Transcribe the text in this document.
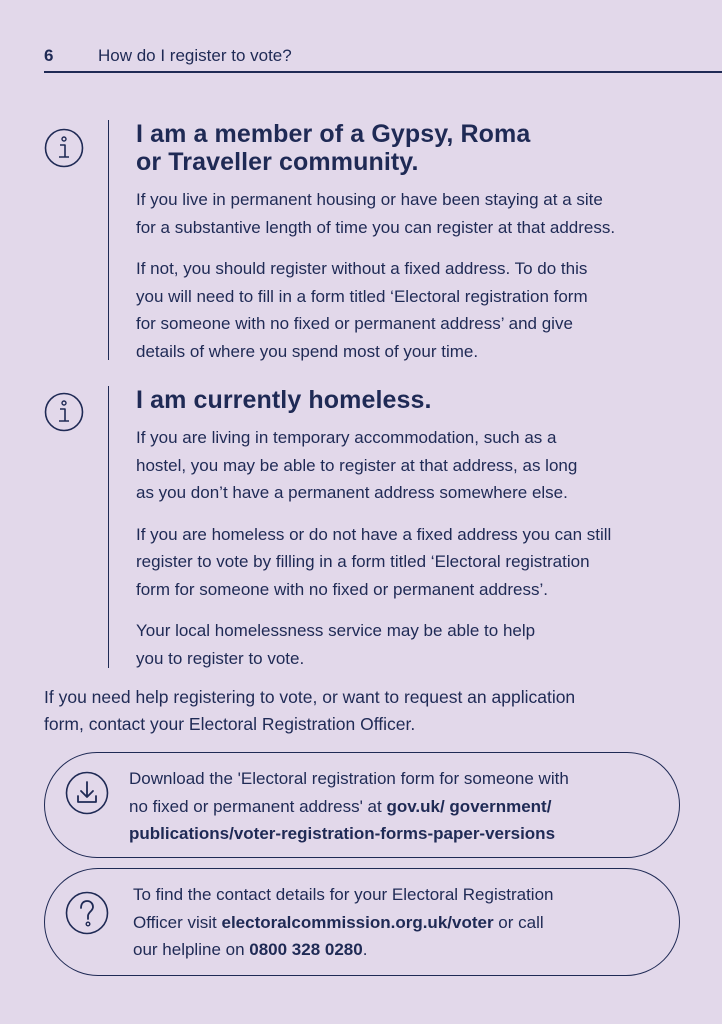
6	How do I register to vote?
I am a member of a Gypsy, Roma
or Traveller community.

If you live in permanent housing or have been staying at a site
for a substantive length of time you can register at that address.

If not, you should register without a fixed address. To do this
you will need to fill in a form titled ‘Electoral registration form
for someone with no fixed or permanent address’ and give
details of where you spend most of your time.

I am currently homeless.

If you are living in temporary accommodation, such as a
hostel, you may be able to register at that address, as long
as you don’t have a permanent address somewhere else.

If you are homeless or do not have a fixed address you can still
register to vote by filling in a form titled ‘Electoral registration
form for someone with no fixed or permanent address’.

Your local homelessness service may be able to help
you to register to vote.

If you need help registering to vote, or want to request an application
form, contact your Electoral Registration Officer.

Download the 'Electoral registration form for someone with
no fixed or permanent address' at gov.uk/ government/
publications/voter-registration-forms-paper-versions

To find the contact details for your Electoral Registration
Officer visit electoralcommission.org.uk/voter or call
our helpline on 0800 328 0280.
